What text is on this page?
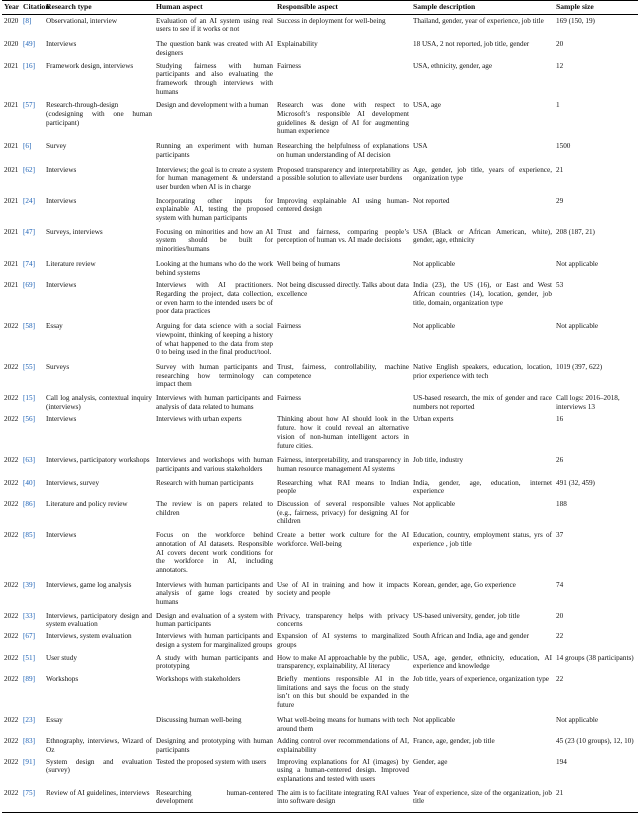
Year	Citation	Research type	Human aspect	Responsible aspect	Sample description	Sample size
2020	[8]	Observational, interview	Evaluation of an AI system using real users to see if it works or not	Success in deployment for well-being	Thailand, gender, year of experience, job title	169 (150, 19)
2020	[49]	Interviews	The question bank was created with AI designers	Explainability	18 USA, 2 not reported, job title, gender	20
2021	[16]	Framework design, interviews	Studying fairness with human participants and also evaluating the framework through interviews with humans	Fairness	USA, ethnicity, gender, age	12
2021	[57]	Research-through-design (codesigning with one human participant)	Design and development with a human	Research was done with respect to Microsoft’s responsible AI development guidelines & design of AI for augmenting human experience	USA, age	1
2021	[6]	Survey	Running an experiment with human participants	Researching the helpfulness of explanations on human understanding of AI decision	USA	1500
2021	[62]	Interviews	Interviews; the goal is to create a system for human management & understand user burden when AI is in charge	Proposed transparency and interpretability as a possible solution to alleviate user burdens	Age, gender, job title, years of experience, organization type	21
2021	[24]	Interviews	Incorporating other inputs for explainable AI, testing the proposed system with human participants	Improving explainable AI using human-centered design	Not reported	29
2021	[47]	Surveys, interviews	Focusing on minorities and how an AI system should be built for minorities/humans	Trust and fairness, comparing people’s perception of human vs. AI made decisions	USA (Black or African American, white), gender, age, ethnicity	208 (187, 21)
2021	[74]	Literature review	Looking at the humans who do the work behind systems	Well being of humans	Not applicable	Not applicable
2021	[69]	Interviews	Interviews with AI practitioners. Regarding the project, data collection, or even harm to the intended users bc of poor data practices	Not being discussed directly. Talks about data excellence	India (23), the US (16), or East and West African countries (14), location, gender, job title, domain, organization type	53
2022	[58]	Essay	Arguing for data science with a social viewpoint, thinking of keeping a history of what happened to the data from step 0 to being used in the final product/tool.	Fairness	Not applicable	Not applicable
2022	[55]	Surveys	Survey with human participants and researching how terminology can impact them	Trust, fairness, controllability, machine competence	Native English speakers, education, location, prior experience with tech	1019 (397, 622)
2022	[15]	Call log analysis, contextual inquiry (interviews)	Interviews with human participants and analysis of data related to humans	Fairness	US-based research, the mix of gender and race numbers not reported	Call logs: 2016–2018, interviews 13
2022	[56]	Interviews	Interviews with urban experts	Thinking about how AI should look in the future. how it could reveal an alternative vision of non-human intelligent actors in future cities.	Urban experts	16
2022	[63]	Interviews, participatory workshops	Interviews and workshops with human participants and various stakeholders	Fairness, interpretability, and transparency in human resource management AI systems	Job title, industry	26
2022	[40]	Interviews, survey	Research with human participants	Researching what RAI means to Indian people	India, gender, age, education, internet experience	491 (32, 459)
2022	[86]	Literature and policy review	The review is on papers related to children	Discussion of several responsible values (e.g., fairness, privacy) for designing AI for children	Not applicable	188
2022	[85]	Interviews	Focus on the workforce behind annotation of AI datasets. Responsible AI covers decent work conditions for the workforce in AI, including annotators.	Create a better work culture for the AI workforce. Well-being	Education, country, employment status, yrs of experience , job title	37
2022	[39]	Interviews, game log analysis	Interviews with human participants and analysis of game logs created by humans	Use of AI in training and how it impacts society and people	Korean, gender, age, Go experience	74
2022	[33]	Interviews, participatory design and system evaluation	Design and evaluation of a system with human participants	Privacy, transparency helps with privacy concerns	US-based university, gender, job title	20
2022	[67]	Interviews, system evaluation	Interviews with human participants and design a system for marginalized groups	Expansion of AI systems to marginalized groups	South African and India, age and gender	22
2022	[51]	User study	A study with human participants and prototyping	How to make AI approachable by the public, transparency, explainability, AI literacy	USA, age, gender, ethnicity, education, AI experience and knowledge	14 groups (38 participants)
2022	[89]	Workshops	Workshops with stakeholders	Briefly mentions responsible AI in the limitations and says the focus on the study isn’t on this but should be expanded in the future	Job title, years of experience, organization type	22
2022	[23]	Essay	Discussing human well-being	What well-being means for humans with tech around them	Not applicable	Not applicable
2022	[83]	Ethnography, interviews, Wizard of Oz	Designing and prototyping with human participants	Adding control over recommendations of AI, explainability	France, age, gender, job title	45 (23 (10 groups), 12, 10)
2022	[91]	System design and evaluation (survey)	Tested the proposed system with users	Improving explanations for AI (images) by using a human-centered design. Improved explanations and tested with users	Gender, age	194
2022	[75]	Review of AI guidelines, interviews	Researching human-centered development	The aim is to facilitate integrating RAI values into software design	Year of experience, size of the organization, job title	21
